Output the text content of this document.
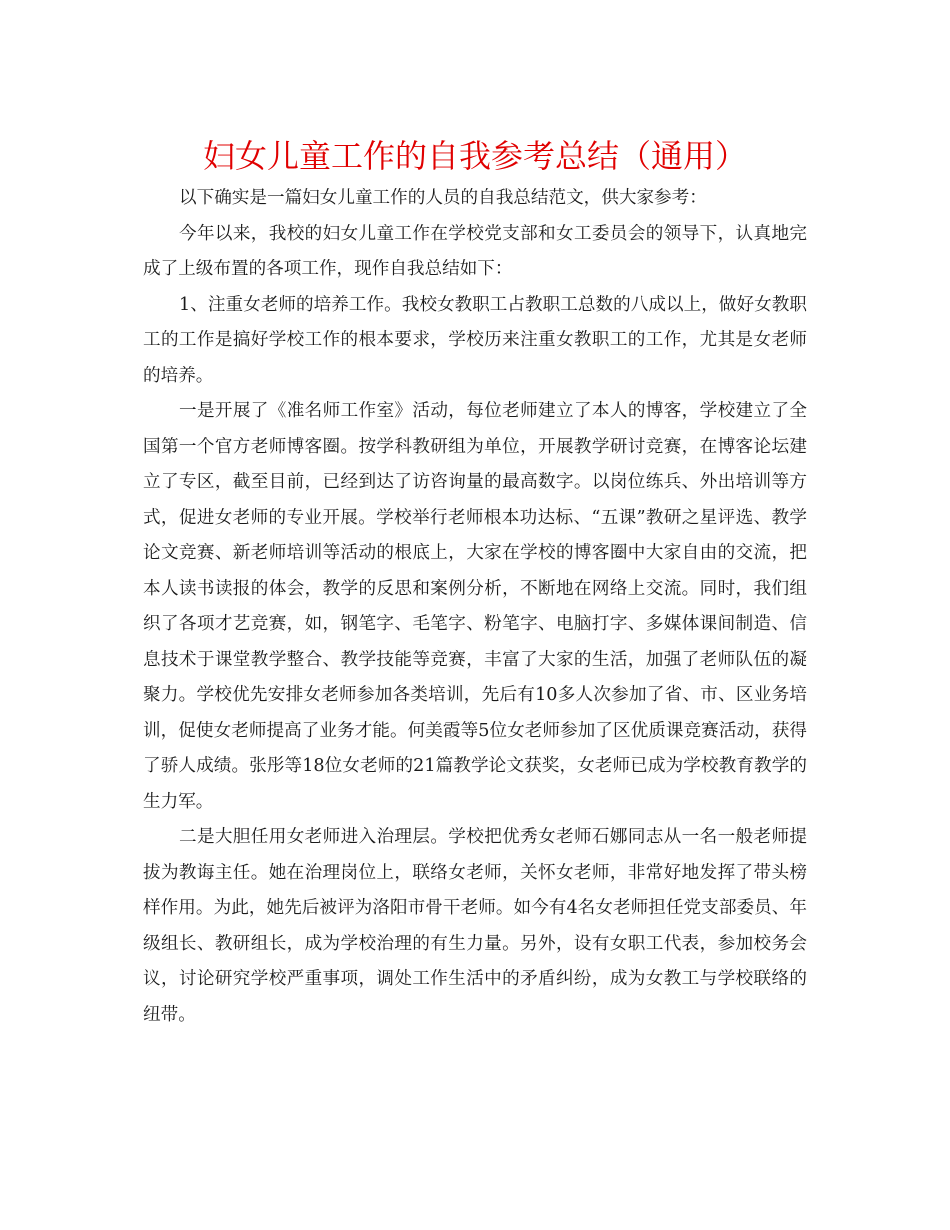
妇女儿童工作的自我参考总结（通用）

以下确实是一篇妇女儿童工作的人员的自我总结范文，供大家参考：

今年以来，我校的妇女儿童工作在学校党支部和女工委员会的领导下，认真地完成了上级布置的各项工作，现作自我总结如下：

1、注重女老师的培养工作。我校女教职工占教职工总数的八成以上，做好女教职工的工作是搞好学校工作的根本要求，学校历来注重女教职工的工作，尤其是女老师的培养。

一是开展了《准名师工作室》活动，每位老师建立了本人的博客，学校建立了全国第一个官方老师博客圈。按学科教研组为单位，开展教学研讨竞赛，在博客论坛建立了专区，截至目前，已经到达了访咨询量的最高数字。以岗位练兵、外出培训等方式，促进女老师的专业开展。学校举行老师根本功达标、“五课”教研之星评选、教学论文竞赛、新老师培训等活动的根底上，大家在学校的博客圈中大家自由的交流，把本人读书读报的体会，教学的反思和案例分析，不断地在网络上交流。同时，我们组织了各项才艺竞赛，如，钢笔字、毛笔字、粉笔字、电脑打字、多媒体课间制造、信息技术于课堂教学整合、教学技能等竞赛，丰富了大家的生活，加强了老师队伍的凝聚力。学校优先安排女老师参加各类培训，先后有10多人次参加了省、市、区业务培训，促使女老师提高了业务才能。何美霞等5位女老师参加了区优质课竞赛活动，获得了骄人成绩。张彤等18位女老师的21篇教学论文获奖，女老师已成为学校教育教学的生力军。

二是大胆任用女老师进入治理层。学校把优秀女老师石娜同志从一名一般老师提拔为教诲主任。她在治理岗位上，联络女老师，关怀女老师，非常好地发挥了带头榜样作用。为此，她先后被评为洛阳市骨干老师。如今有4名女老师担任党支部委员、年级组长、教研组长，成为学校治理的有生力量。另外，设有女职工代表，参加校务会议，讨论研究学校严重事项，调处工作生活中的矛盾纠纷，成为女教工与学校联络的纽带。
